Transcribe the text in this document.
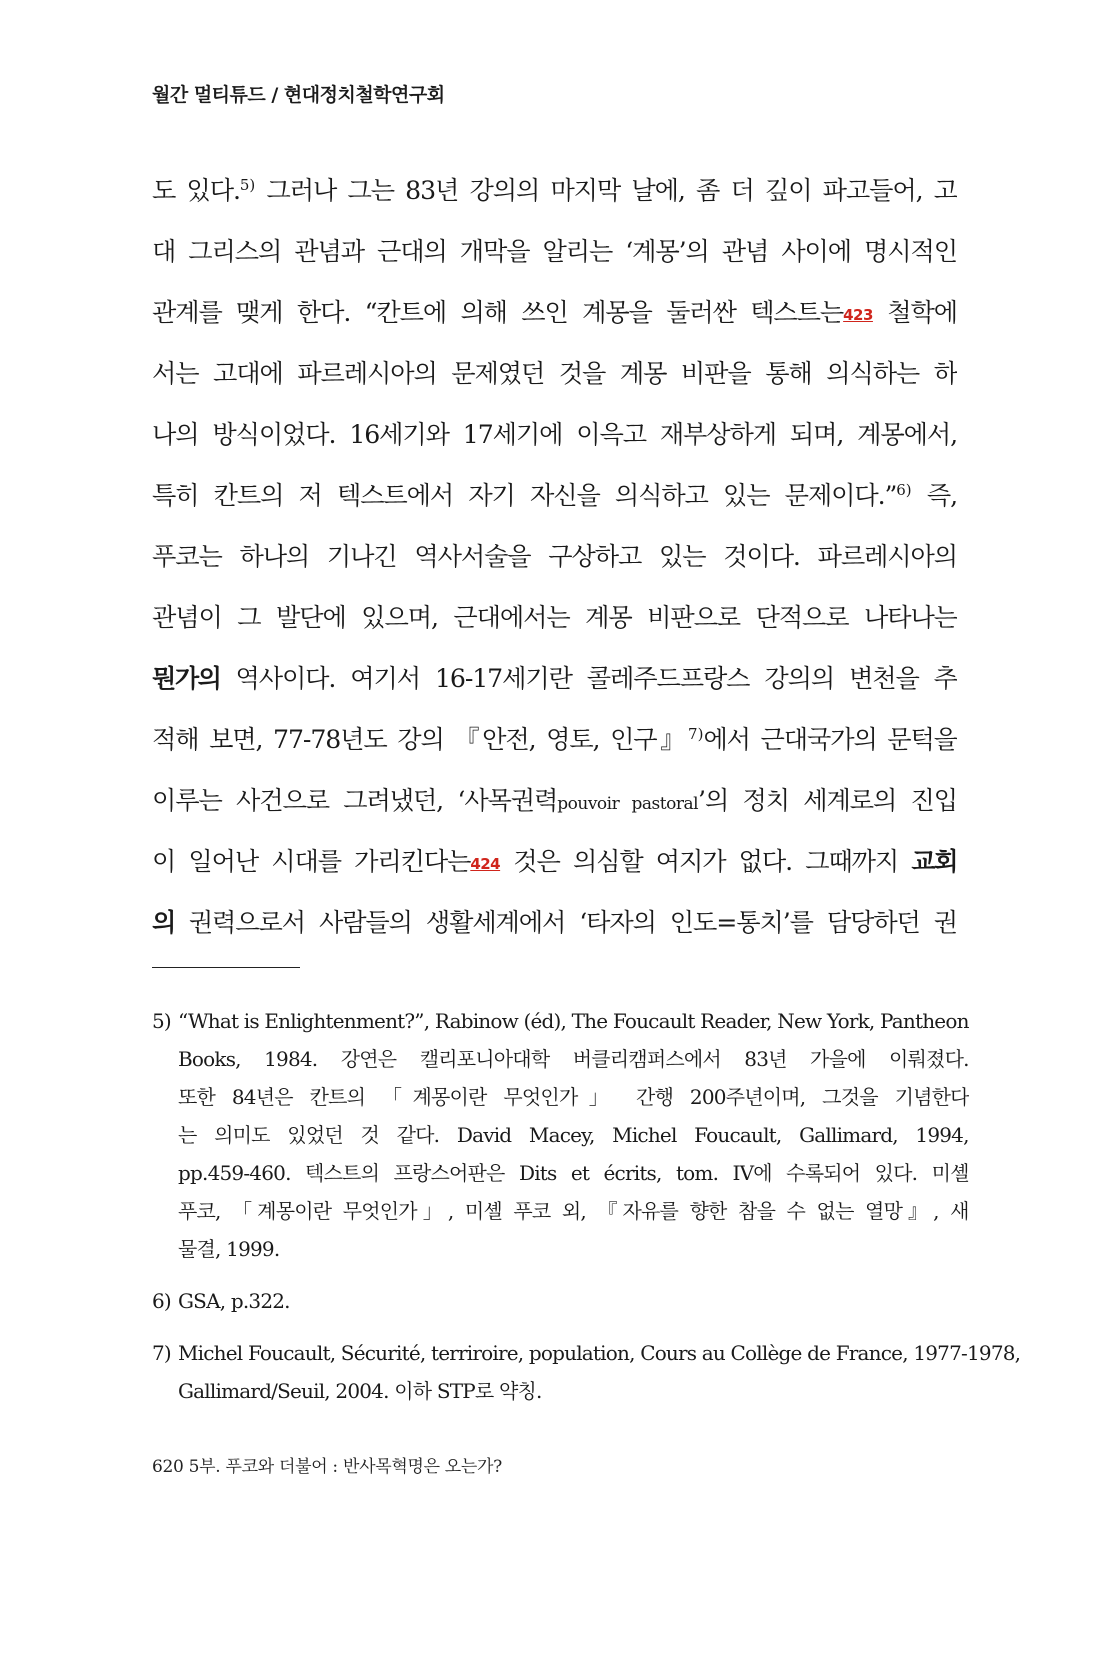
월간 멀티튜드 / 현대정치철학연구회
도 있다.$^{5)}$ 그러나 그는 83년 강의의 마지막 날에, 좀 더 깊이 파고들어, 고
대 그리스의 관념과 근대의 개막을 알리는 ‘계몽’의 관념 사이에 명시적인
관계를 맺게 한다. “칸트에 의해 쓰인 계몽을 둘러싼 텍스트는423 철학에
서는 고대에 파르레시아의 문제였던 것을 계몽 비판을 통해 의식하는 하
나의 방식이었다. 16세기와 17세기에 이윽고 재부상하게 되며, 계몽에서,
특히 칸트의 저 텍스트에서 자기 자신을 의식하고 있는 문제이다.”$^{6)}$ 즉,
푸코는 하나의 기나긴 역사서술을 구상하고 있는 것이다. 파르레시아의
관념이 그 발단에 있으며, 근대에서는 계몽 비판으로 단적으로 나타나는
뭔가의 역사이다. 여기서 16-17세기란 콜레주드프랑스 강의의 변천을 추
적해 보면, 77-78년도 강의 『안전, 영토, 인구』$^{7)}$에서 근대국가의 문턱을
이루는 사건으로 그려냈던, ‘사목권력pouvoir pastoral’의 정치 세계로의 진입
이 일어난 시대를 가리킨다는424 것은 의심할 여지가 없다. 그때까지 교회
의 권력으로서 사람들의 생활세계에서 ‘타자의 인도=통치’를 담당하던 권
5) “What is Enlightenment?”, Rabinow (éd), The Foucault Reader, New York, Pantheon
Books, 1984. 강연은 캘리포니아대학 버클리캠퍼스에서 83년 가을에 이뤄졌다.
또한 84년은 칸트의 「계몽이란 무엇인가」 간행 200주년이며, 그것을 기념한다
는 의미도 있었던 것 같다. David Macey, Michel Foucault, Gallimard, 1994,
pp.459-460. 텍스트의 프랑스어판은 Dits et écrits, tom. IV에 수록되어 있다. 미셸
푸코, 「계몽이란 무엇인가」, 미셸 푸코 외, 『자유를 향한 참을 수 없는 열망』, 새
물결, 1999.
6) GSA, p.322.
7) Michel Foucault, Sécurité, terriroire, population, Cours au Collège de France, 1977-1978,
Gallimard/Seuil, 2004. 이하 STP로 약칭.
620 5부. 푸코와 더불어 : 반사목혁명은 오는가?
